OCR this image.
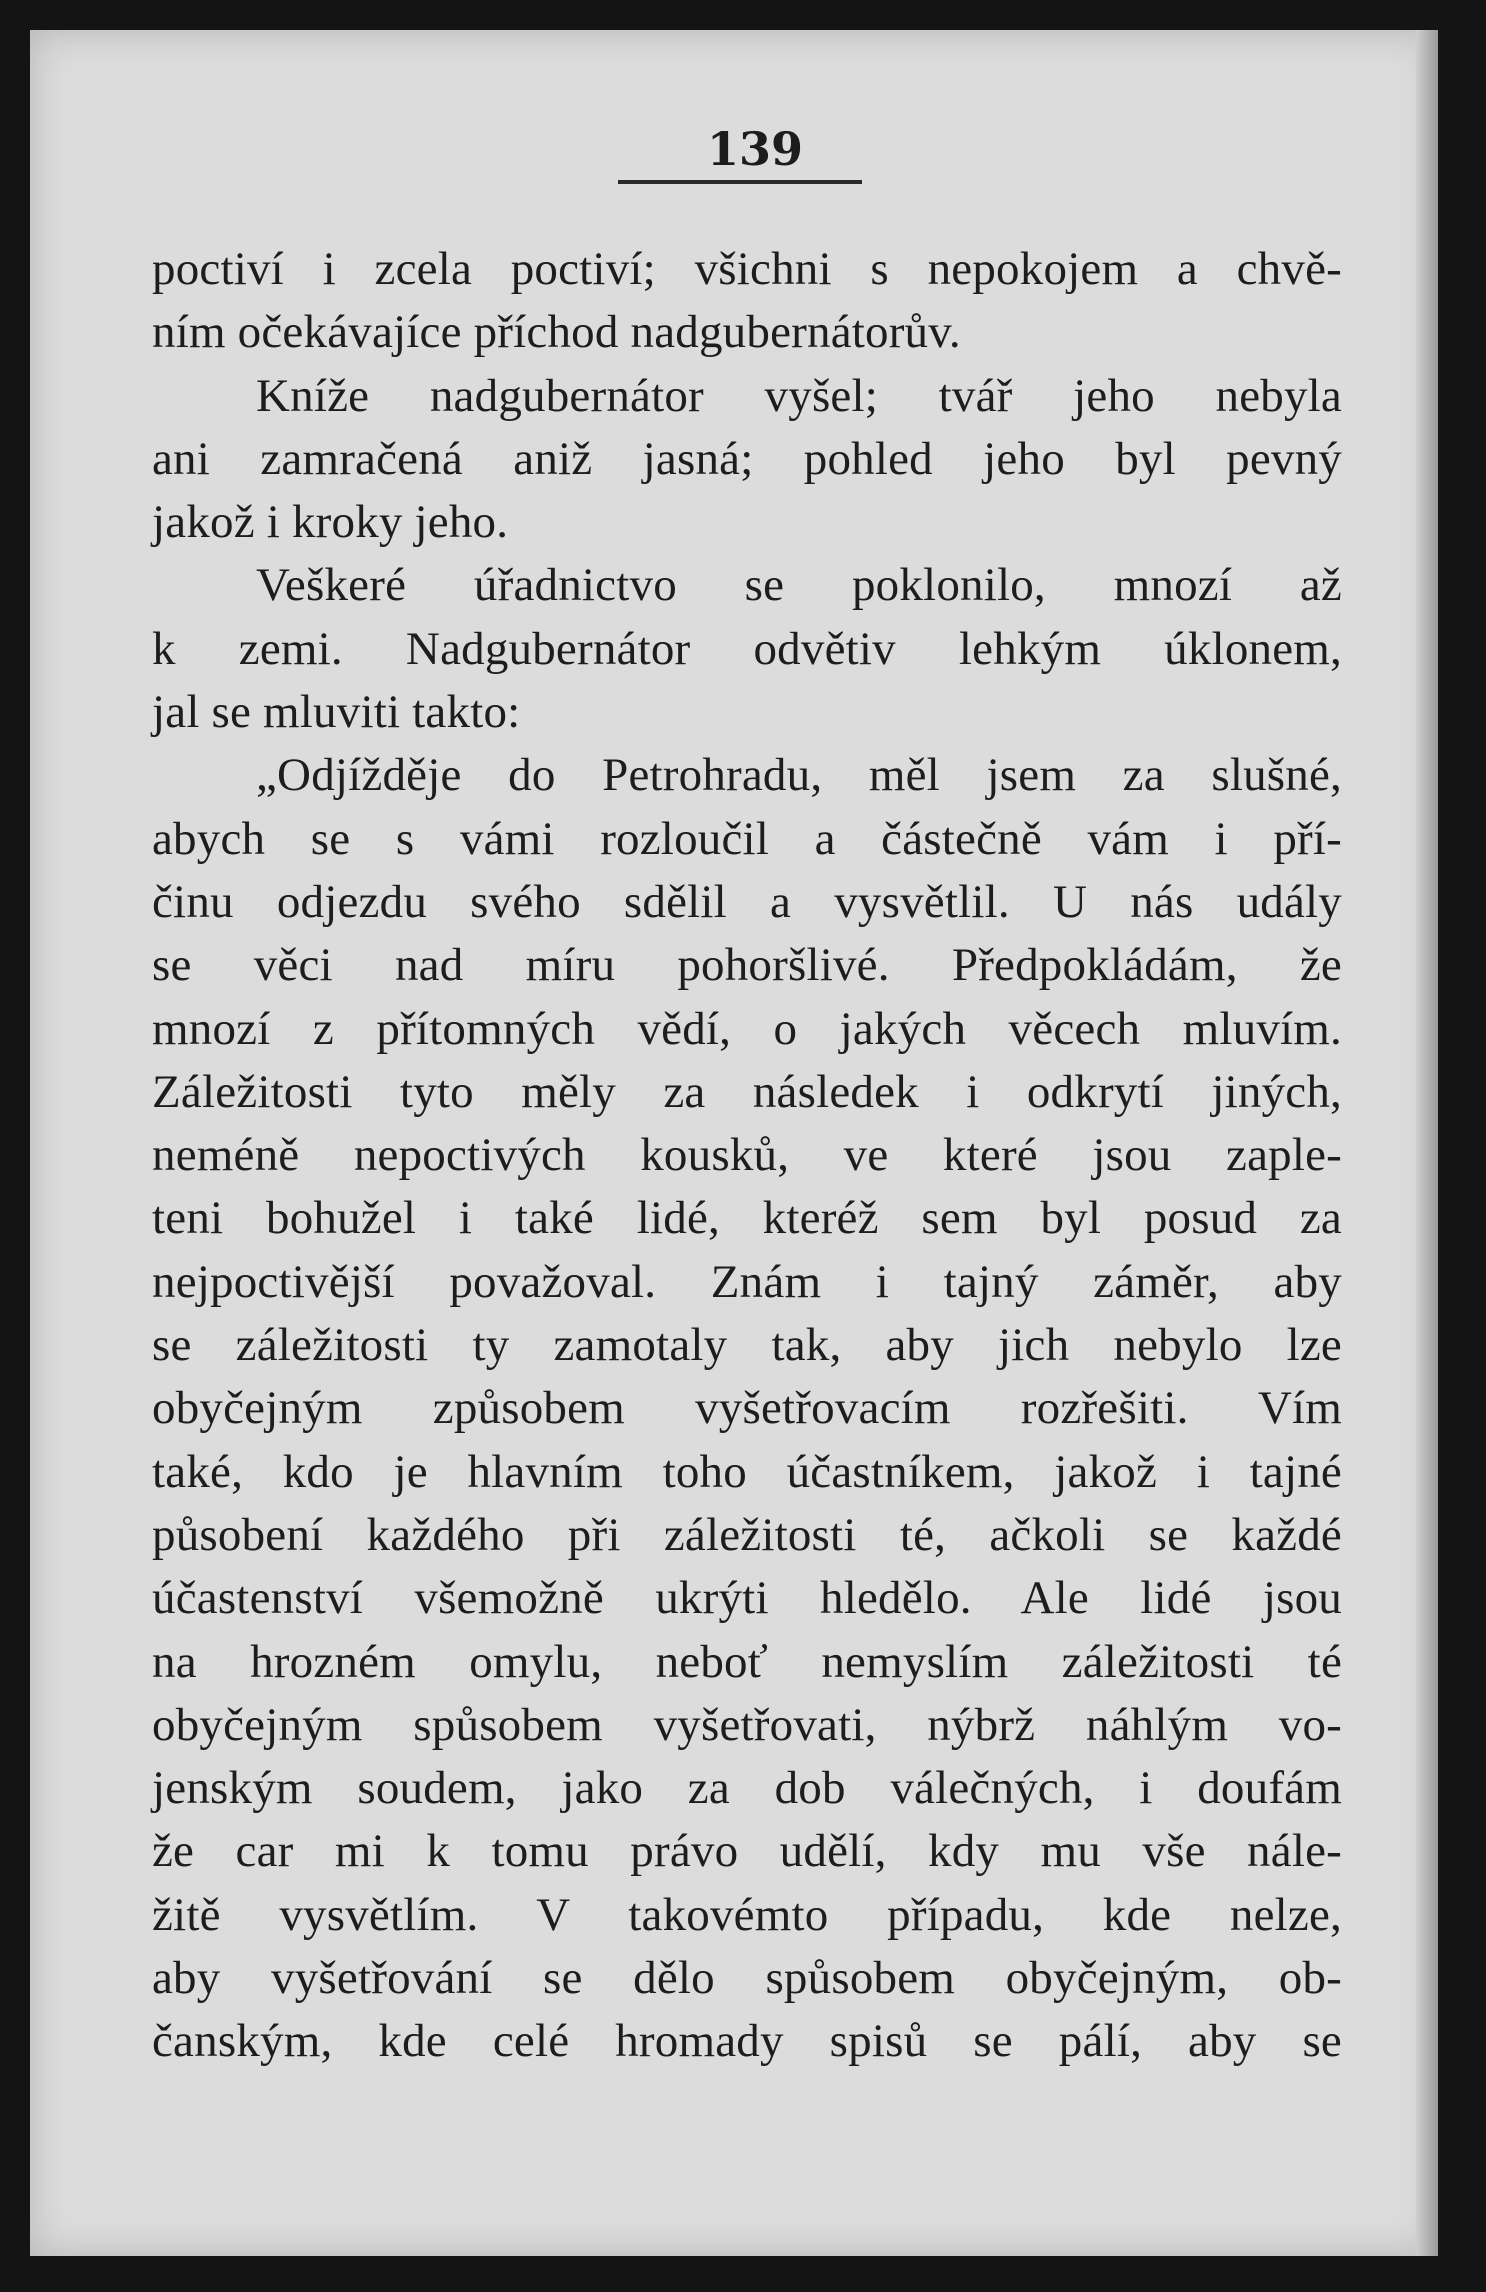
139
poctiví i zcela poctiví; všichni s nepokojem a chvě-
ním očekávajíce příchod nadgubernátorův.
Kníže nadgubernátor vyšel; tvář jeho nebyla
ani zamračená aniž jasná; pohled jeho byl pevný
jakož i kroky jeho.
Veškeré úřadnictvo se poklonilo, mnozí až
k zemi. Nadgubernátor odvětiv lehkým úklonem,
jal se mluviti takto:
„Odjížděje do Petrohradu, měl jsem za slušné,
abych se s vámi rozloučil a částečně vám i pří-
činu odjezdu svého sdělil a vysvětlil. U nás udály
se věci nad míru pohoršlivé. Předpokládám, že
mnozí z přítomných vědí, o jakých věcech mluvím.
Záležitosti tyto měly za následek i odkrytí jiných,
neméně nepoctivých kousků, ve které jsou zaple-
teni bohužel i také lidé, kteréž sem byl posud za
nejpoctivější považoval. Znám i tajný záměr, aby
se záležitosti ty zamotaly tak, aby jich nebylo lze
obyčejným způsobem vyšetřovacím rozřešiti. Vím
také, kdo je hlavním toho účastníkem, jakož i tajné
působení každého při záležitosti té, ačkoli se každé
účastenství všemožně ukrýti hledělo. Ale lidé jsou
na hrozném omylu, neboť nemyslím záležitosti té
obyčejným spůsobem vyšetřovati, nýbrž náhlým vo-
jenským soudem, jako za dob válečných, i doufám
že car mi k tomu právo udělí, kdy mu vše nále-
žitě vysvětlím. V takovémto případu, kde nelze,
aby vyšetřování se dělo spůsobem obyčejným, ob-
čanským, kde celé hromady spisů se pálí, aby se
